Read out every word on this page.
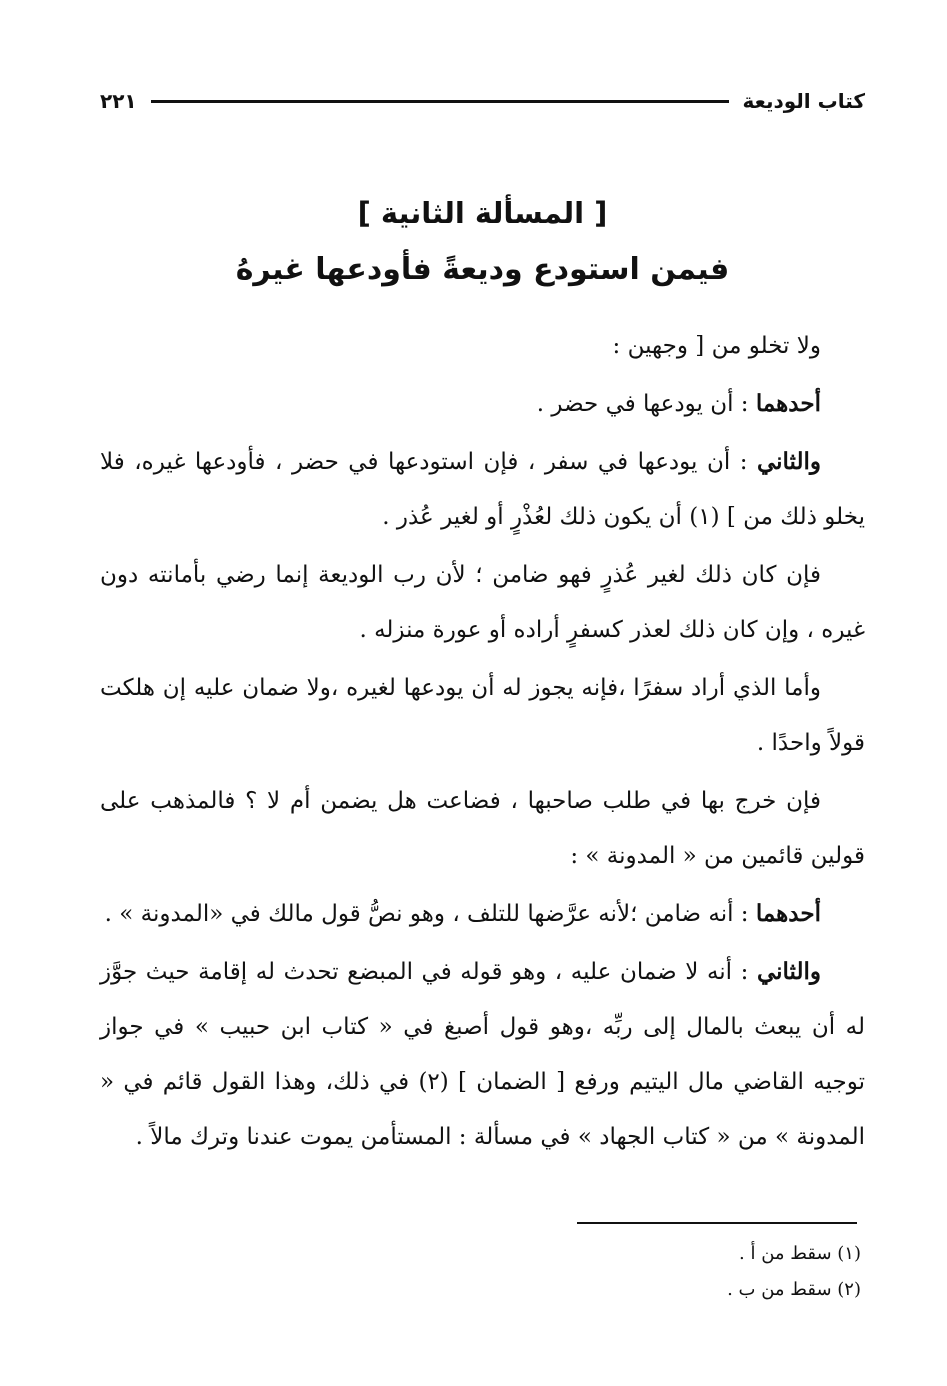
كتاب الوديعة
٢٢١
[ المسألة الثانية ]
فيمن استودع وديعةً فأودعها غيرهُ

ولا تخلو من [ وجهين :

أحدهما : أن يودعها في حضر .

والثاني : أن يودعها في سفر ، فإن استودعها في حضر ، فأودعها غيره، فلا يخلو ذلك من ] (١) أن يكون ذلك لعُذْرٍ أو لغير عُذر .

فإن كان ذلك لغير عُذرٍ فهو ضامن ؛ لأن رب الوديعة إنما رضي بأمانته دون غيره ، وإن كان ذلك لعذر كسفرٍ أراده أو عورة منزله .

وأما الذي أراد سفرًا ،فإنه يجوز له أن يودعها لغيره ،ولا ضمان عليه إن هلكت قولاً واحدًا .

فإن خرج بها في طلب صاحبها ، فضاعت هل يضمن أم لا ؟ فالمذهب على قولين قائمين من « المدونة » :

أحدهما : أنه ضامن ؛لأنه عرَّضها للتلف ، وهو نصُّ قول مالك في «المدونة » .

والثاني : أنه لا ضمان عليه ، وهو قوله في المبضع تحدث له إقامة حيث جوَّز له أن يبعث بالمال إلى ربِّه ،وهو قول أصبغ في « كتاب ابن حبيب » في جواز توجيه القاضي مال اليتيم ورفع [ الضمان ] (٢) في ذلك، وهذا القول قائم في « المدونة » من « كتاب الجهاد » في مسألة : المستأمن يموت عندنا وترك مالاً .

(١) سقط من أ .
(٢) سقط من ب .
